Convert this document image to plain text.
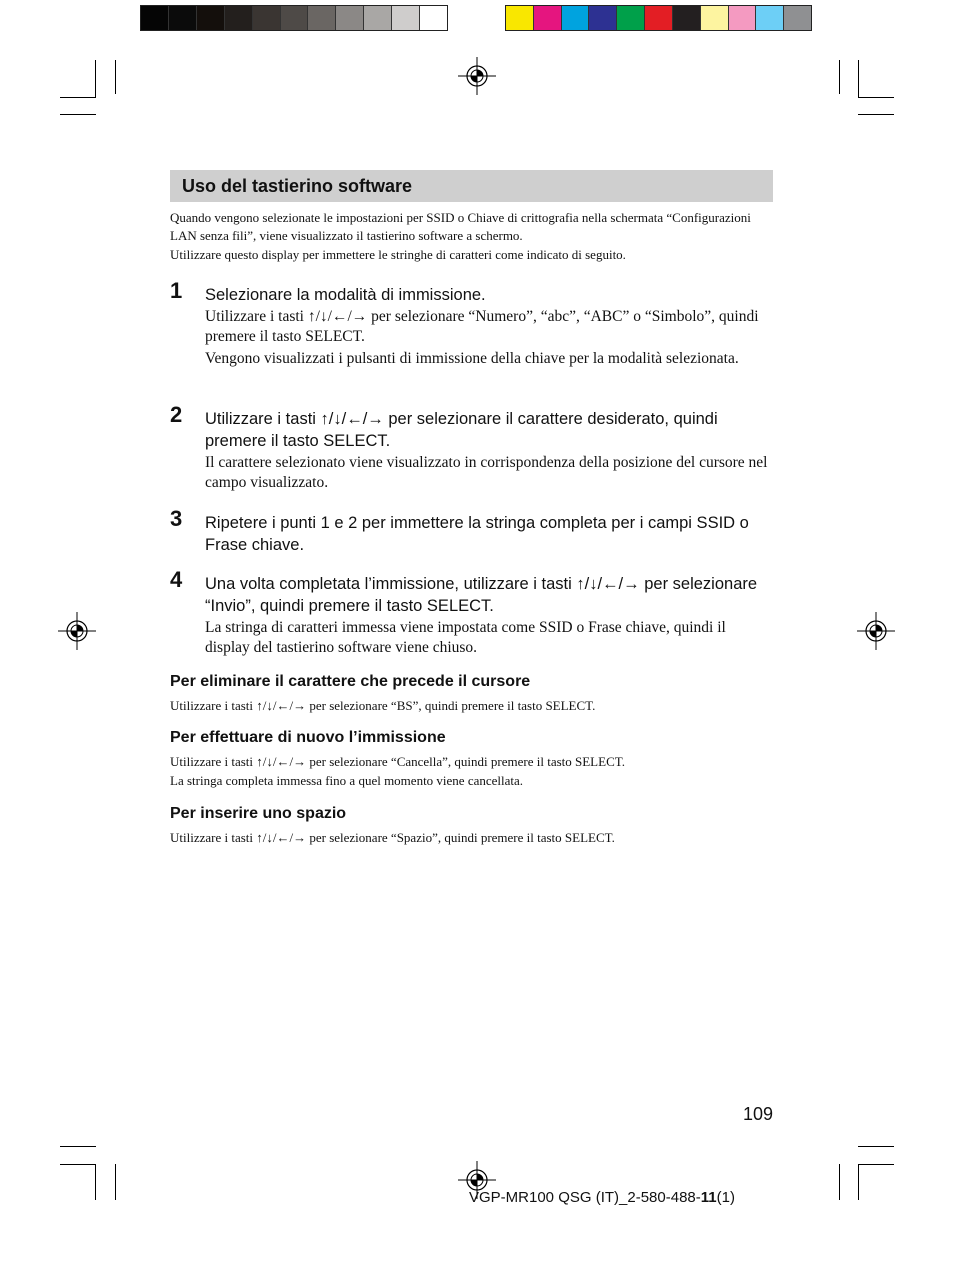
Uso del tastierino software

Quando vengono selezionate le impostazioni per SSID o Chiave di crittografia nella schermata “Configurazioni LAN senza fili”, viene visualizzato il tastierino software a schermo.

Utilizzare questo display per immettere le stringhe di caratteri come indicato di seguito.

1 Selezionare la modalità di immissione.

Utilizzare i tasti ↑/↓/←/→ per selezionare “Numero”, “abc”, “ABC” o “Simbolo”, quindi premere il tasto SELECT.

Vengono visualizzati i pulsanti di immissione della chiave per la modalità selezionata.

2 Utilizzare i tasti ↑/↓/←/→ per selezionare il carattere desiderato, quindi premere il tasto SELECT.

Il carattere selezionato viene visualizzato in corrispondenza della posizione del cursore nel campo visualizzato.

3 Ripetere i punti 1 e 2 per immettere la stringa completa per i campi SSID o Frase chiave.

4 Una volta completata l’immissione, utilizzare i tasti ↑/↓/←/→ per selezionare “Invio”, quindi premere il tasto SELECT.

La stringa di caratteri immessa viene impostata come SSID o Frase chiave, quindi il display del tastierino software viene chiuso.

Per eliminare il carattere che precede il cursore

Utilizzare i tasti ↑/↓/←/→ per selezionare “BS”, quindi premere il tasto SELECT.

Per effettuare di nuovo l’immissione

Utilizzare i tasti ↑/↓/←/→ per selezionare “Cancella”, quindi premere il tasto SELECT.

La stringa completa immessa fino a quel momento viene cancellata.

Per inserire uno spazio

Utilizzare i tasti ↑/↓/←/→ per selezionare “Spazio”, quindi premere il tasto SELECT.

109
VGP-MR100 QSG (IT)_2-580-488-11(1)
